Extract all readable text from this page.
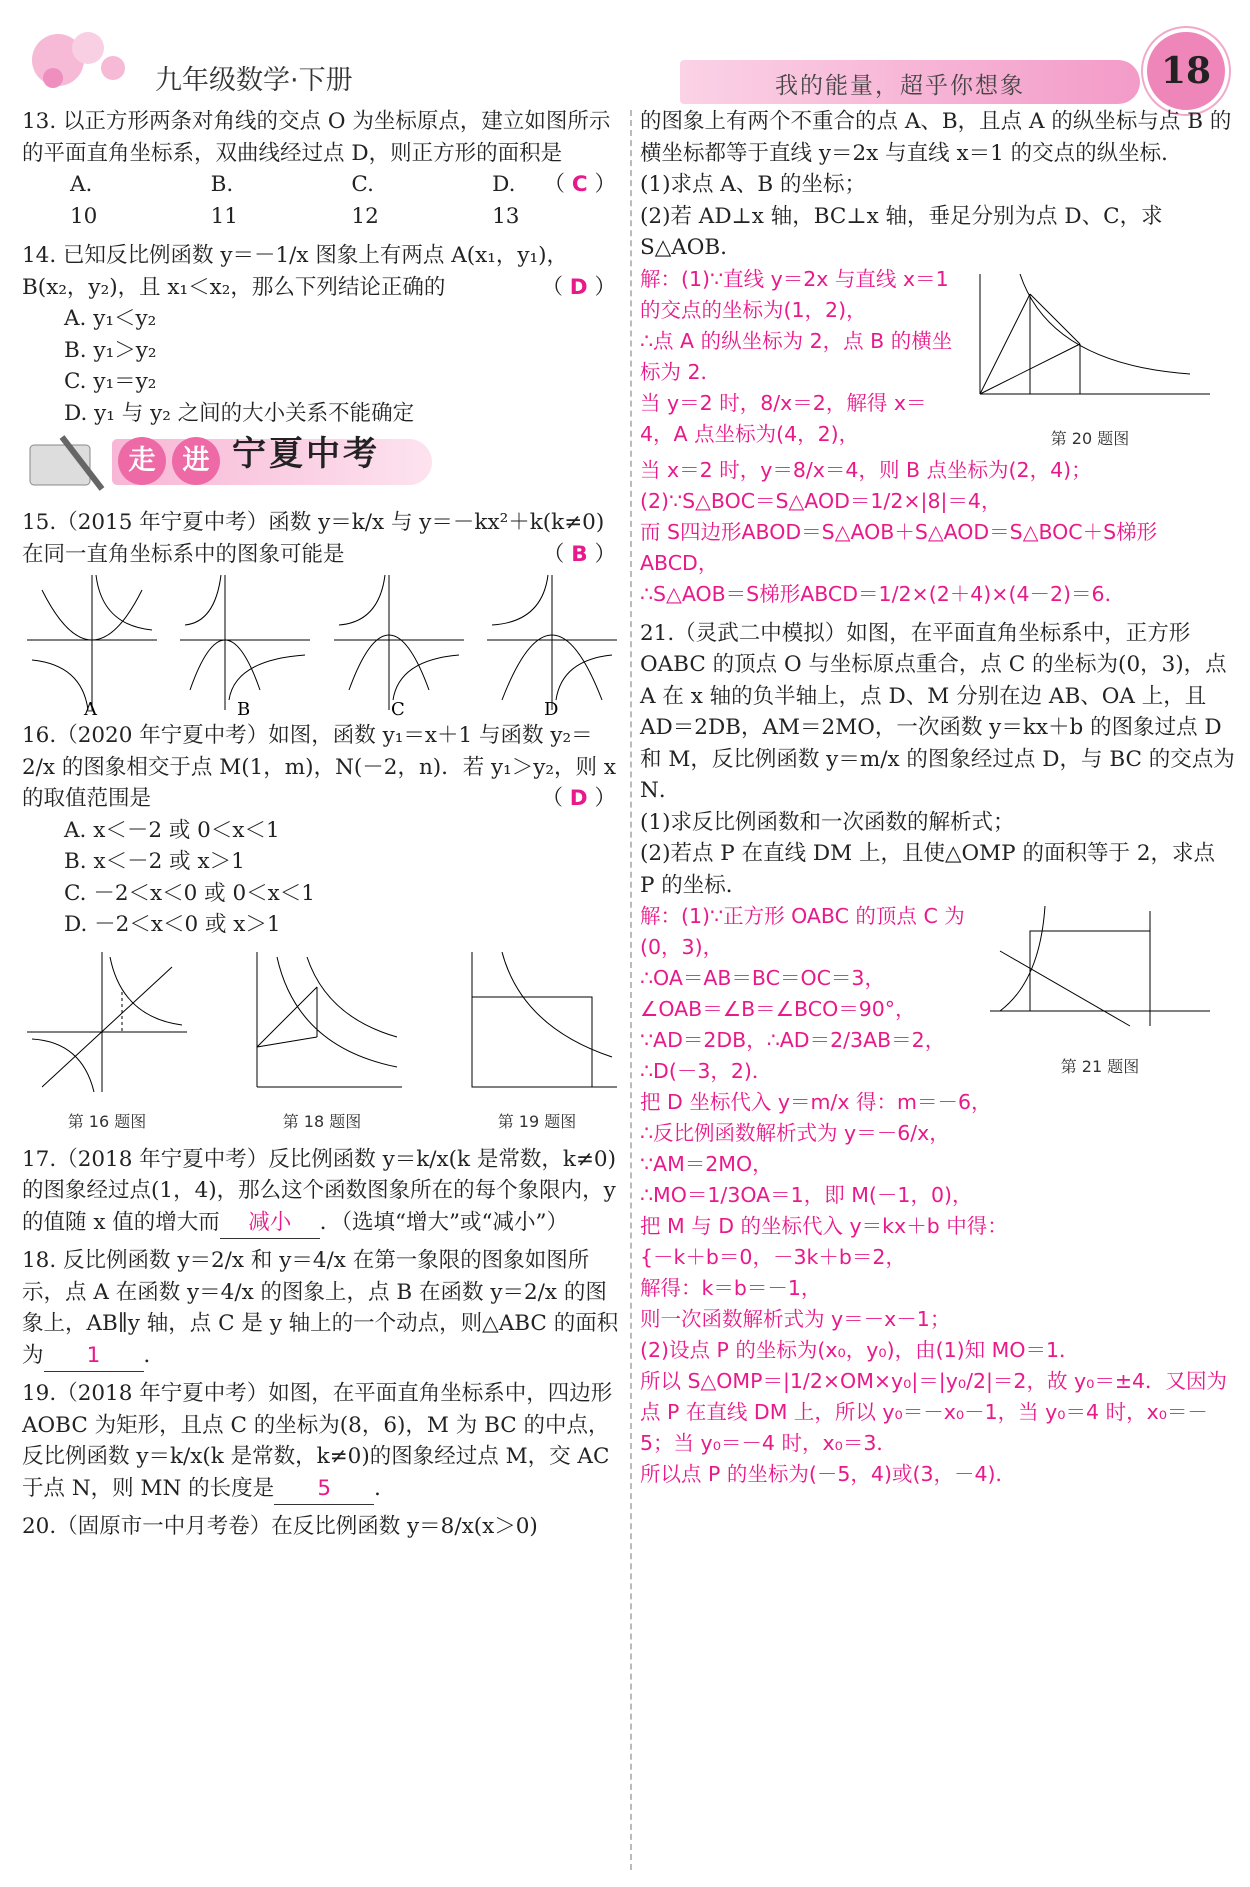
九年级数学·下册	我的能量，超乎你想象	18

13. 以正方形两条对角线的交点 O 为坐标原点，建立如图所示的平面直角坐标系，双曲线经过点 D，则正方形的面积是
（ C ）

A. 10
B. 11
C. 12
D. 13

14. 已知反比例函数 y＝－1/x 图象上有两点 A(x₁，y₁)，B(x₂，y₂)，且 x₁＜x₂，那么下列结论正确的	（ D ）

A. y₁＜y₂
B. y₁＞y₂
C. y₁＝y₂
D. y₁ 与 y₂ 之间的大小关系不能确定
走	进 宁夏中考

15.（2015 年宁夏中考）函数 y＝k/x 与 y＝－kx²＋k(k≠0)在同一直角坐标系中的图象可能是	（ B ）

A	B	C	D

16.（2020 年宁夏中考）如图，函数 y₁＝x＋1 与函数 y₂＝2/x 的图象相交于点 M(1，m)，N(－2，n)．若 y₁＞y₂，则 x 的取值范围是	（ D ）

A. x＜－2 或 0＜x＜1
B. x＜－2 或 x＞1
C. －2＜x＜0 或 0＜x＜1
D. －2＜x＜0 或 x＞1
第 16 题图	第 18 题图	第 19 题图

17.（2018 年宁夏中考）反比例函数 y＝k/x(k 是常数，k≠0)的图象经过点(1，4)，那么这个函数图象所在的每个象限内，y 的值随 x 值的增大而 减小 ．（选填“增大”或“减小”）

18. 反比例函数 y＝2/x 和 y＝4/x 在第一象限的图象如图所示，点 A 在函数 y＝4/x 的图象上，点 B 在函数 y＝2/x 的图象上，AB∥y 轴，点 C 是 y 轴上的一个动点，则△ABC 的面积为 1 ．

19.（2018 年宁夏中考）如图，在平面直角坐标系中，四边形 AOBC 为矩形，且点 C 的坐标为(8，6)，M 为 BC 的中点，反比例函数 y＝k/x(k 是常数，k≠0)的图象经过点 M，交 AC 于点 N，则 MN 的长度是 5 ．

20.（固原市一中月考卷）在反比例函数 y＝8/x(x＞0)

的图象上有两个不重合的点 A、B，且点 A 的纵坐标与点 B 的横坐标都等于直线 y＝2x 与直线 x＝1 的交点的纵坐标．

(1)求点 A、B 的坐标；
(2)若 AD⊥x 轴，BC⊥x 轴，垂足分别为点 D、C，求 S△AOB．
解：(1)∵直线 y＝2x 与直线 x＝1 的交点的坐标为(1，2)，
∴点 A 的纵坐标为 2，点 B 的横坐标为 2．
当 y＝2 时，8/x＝2，解得 x＝4，A 点坐标为(4，2)，	第 20 题图
当 x＝2 时，y＝8/x＝4，则 B 点坐标为(2，4)；
(2)∵S△BOC＝S△AOD＝1/2×|8|＝4，
而 S四边形ABOD＝S△AOB＋S△AOD＝S△BOC＋S梯形ABCD，
∴S△AOB＝S梯形ABCD＝1/2×(2＋4)×(4－2)＝6．

21.（灵武二中模拟）如图，在平面直角坐标系中，正方形 OABC 的顶点 O 与坐标原点重合，点 C 的坐标为(0，3)，点 A 在 x 轴的负半轴上，点 D、M 分别在边 AB、OA 上，且 AD＝2DB，AM＝2MO，一次函数 y＝kx＋b 的图象过点 D 和 M，反比例函数 y＝m/x 的图象经过点 D，与 BC 的交点为 N．

(1)求反比例函数和一次函数的解析式；
(2)若点 P 在直线 DM 上，且使△OMP 的面积等于 2，求点 P 的坐标．
解：(1)∵正方形 OABC 的顶点 C 为(0，3)，
∴OA＝AB＝BC＝OC＝3，
∠OAB＝∠B＝∠BCO＝90°，
∵AD＝2DB，∴AD＝2/3AB＝2，
∴D(－3，2)．	第 21 题图
把 D 坐标代入 y＝m/x 得：m＝－6，
∴反比例函数解析式为 y＝－6/x，
∵AM＝2MO，
∴MO＝1/3OA＝1，即 M(－1，0)，
把 M 与 D 的坐标代入 y＝kx＋b 中得：
{－k＋b＝0，－3k＋b＝2，
解得：k＝b＝－1，
则一次函数解析式为 y＝－x－1；
(2)设点 P 的坐标为(x₀，y₀)，由(1)知 MO＝1．
所以 S△OMP＝|1/2×OM×y₀|＝|y₀/2|＝2，故 y₀＝±4．又因为点 P 在直线 DM 上，所以 y₀＝－x₀－1，当 y₀＝4 时，x₀＝－5；当 y₀＝－4 时，x₀＝3．
所以点 P 的坐标为(－5，4)或(3，－4)．
